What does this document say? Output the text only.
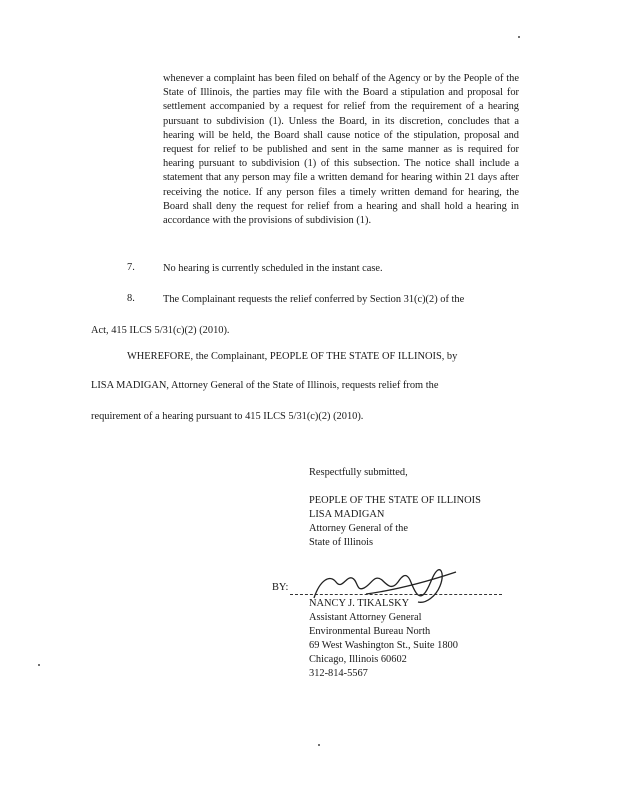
whenever a complaint has been filed on behalf of the Agency or by the People of the State of Illinois, the parties may file with the Board a stipulation and proposal for settlement accompanied by a request for relief from the requirement of a hearing pursuant to subdivision (1). Unless the Board, in its discretion, concludes that a hearing will be held, the Board shall cause notice of the stipulation, proposal and request for relief to be published and sent in the same manner as is required for hearing pursuant to subdivision (1) of this subsection. The notice shall include a statement that any person may file a written demand for hearing within 21 days after receiving the notice. If any person files a timely written demand for hearing, the Board shall deny the request for relief from a hearing and shall hold a hearing in accordance with the provisions of subdivision (1).
7.	No hearing is currently scheduled in the instant case.
8.	The Complainant requests the relief conferred by Section 31(c)(2) of the
Act, 415 ILCS 5/31(c)(2) (2010).
WHEREFORE, the Complainant, PEOPLE OF THE STATE OF ILLINOIS, by
LISA MADIGAN, Attorney General of the State of Illinois, requests relief from the
requirement of a hearing pursuant to 415 ILCS 5/31(c)(2) (2010).
Respectfully submitted,
PEOPLE OF THE STATE OF ILLINOIS
LISA MADIGAN
Attorney General of the
State of Illinois
BY:
NANCY J. TIKALSKY
Assistant Attorney General
Environmental Bureau North
69 West Washington St., Suite 1800
Chicago, Illinois 60602
312-814-5567
